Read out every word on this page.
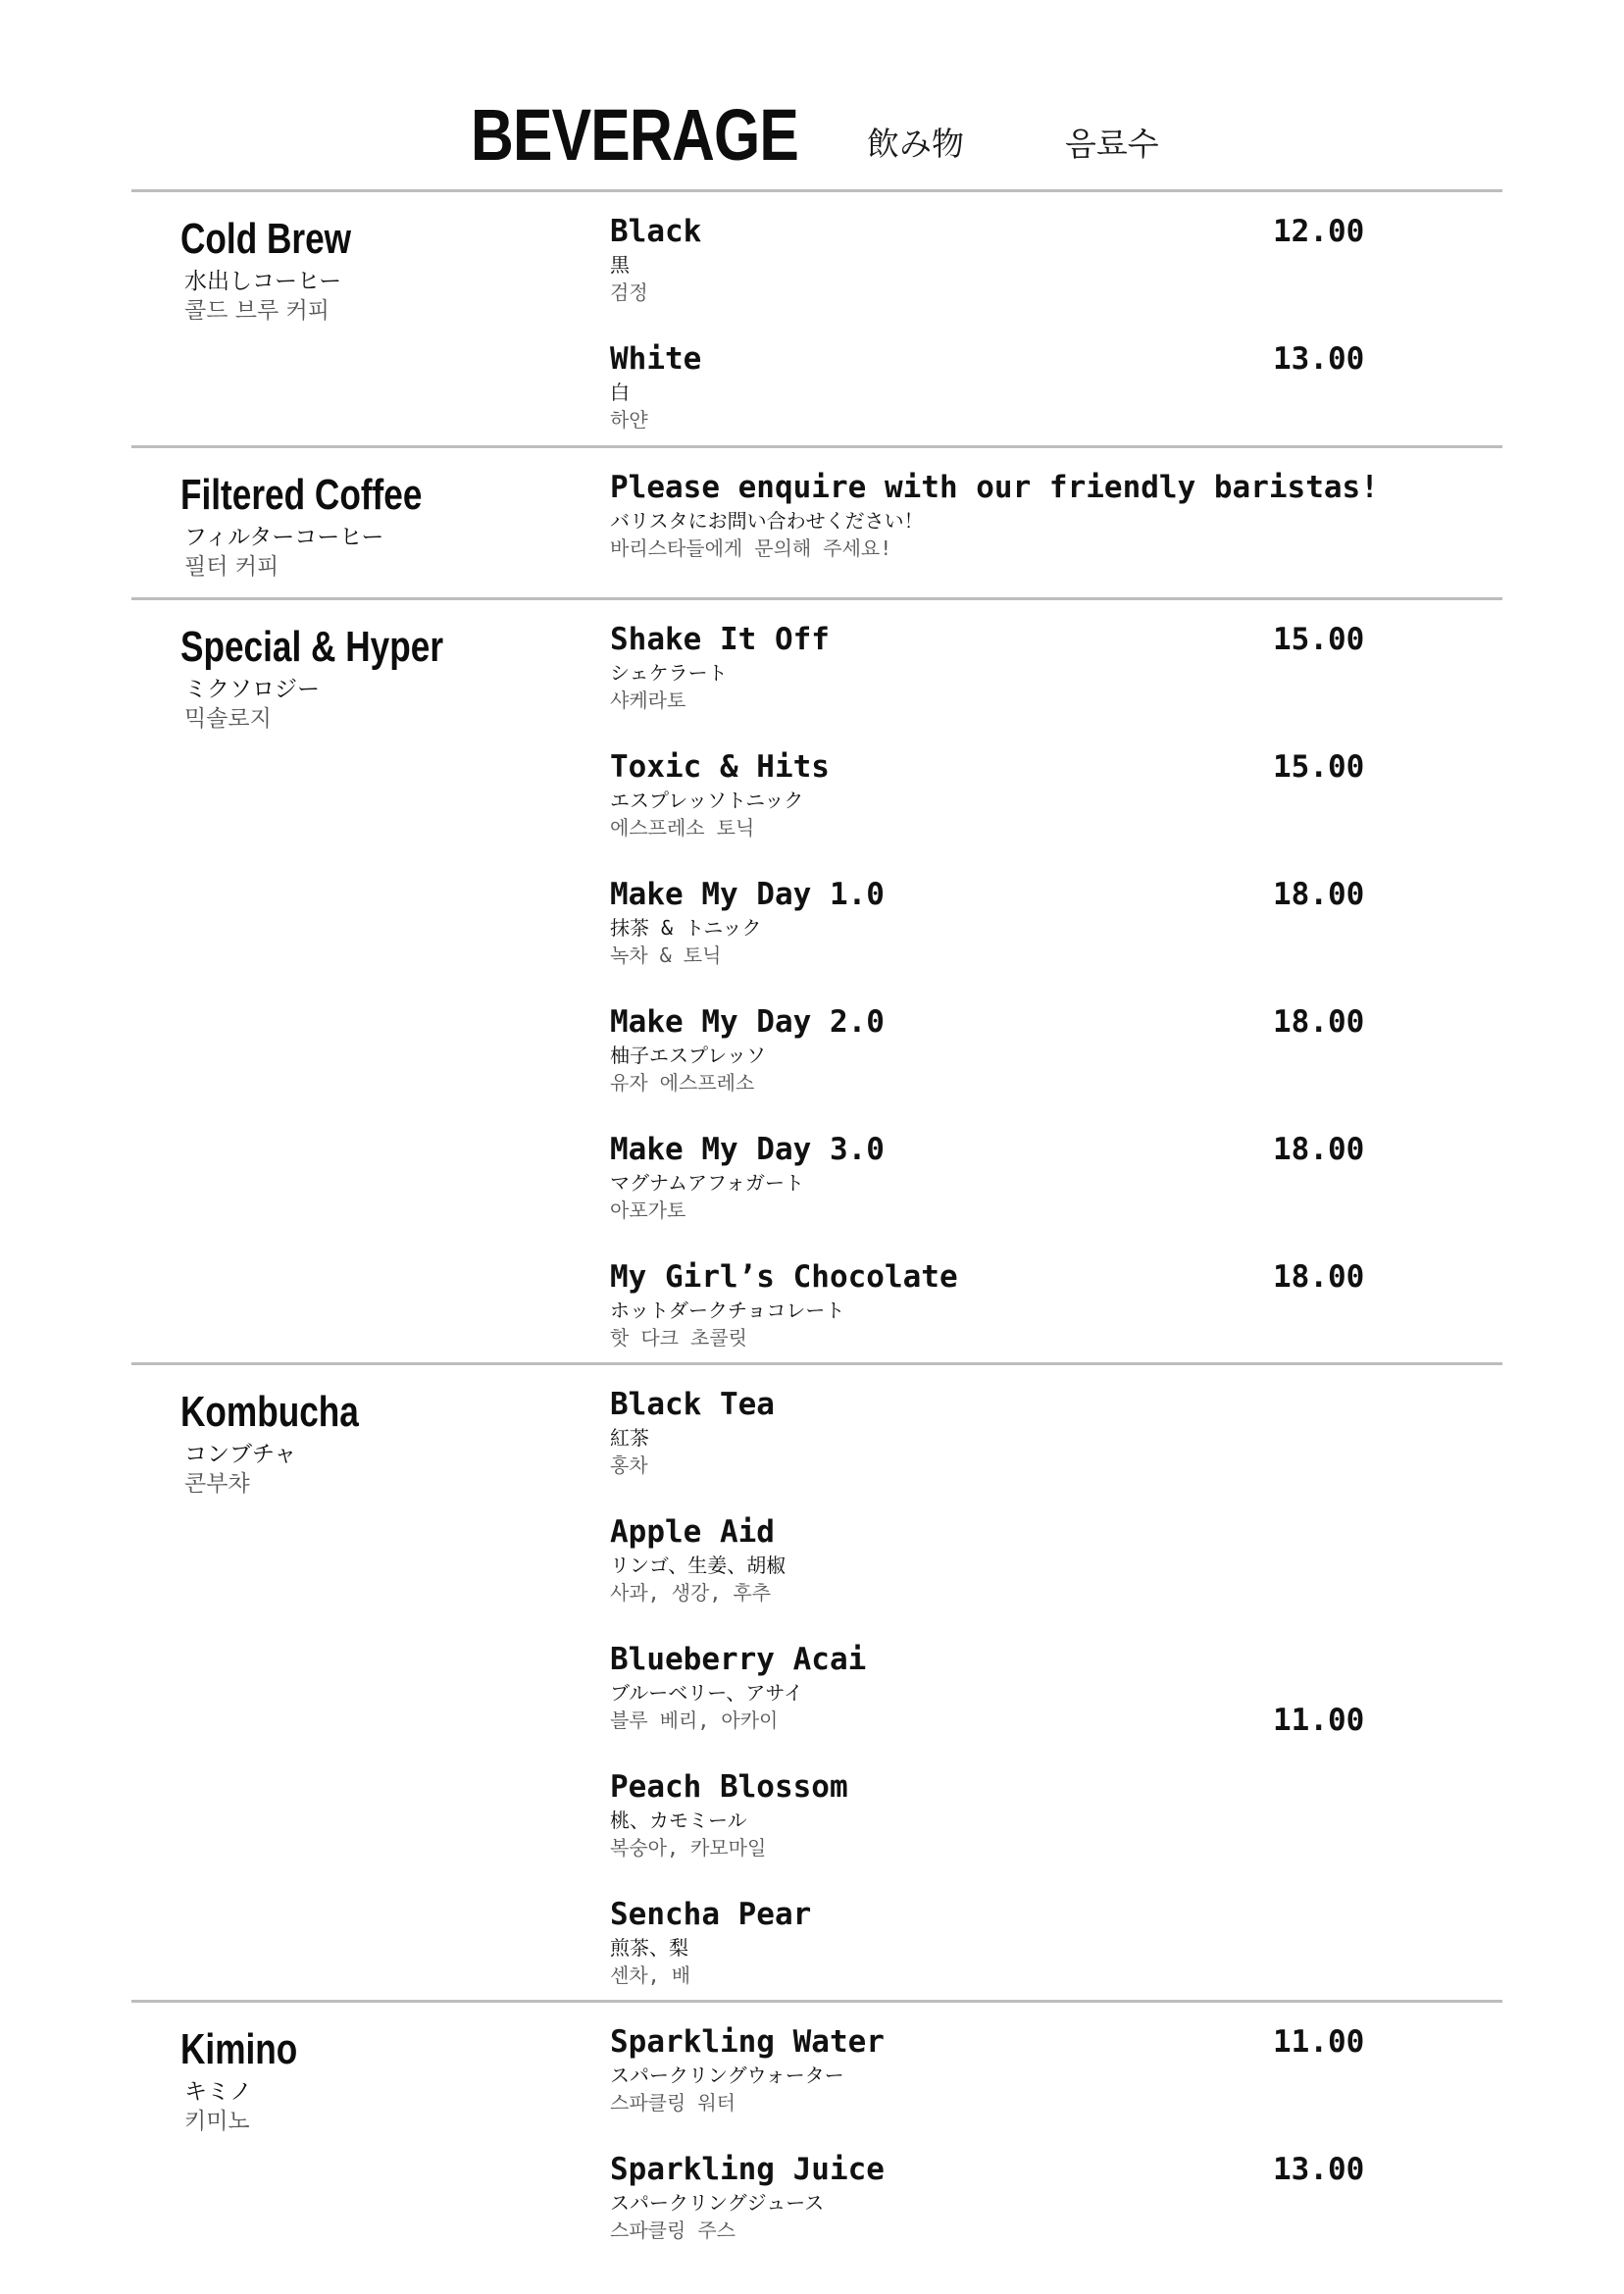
BEVERAGE 飲み物	음료수
Cold Brew
水出しコーヒー
콜드 브루 커피
Black
黒
검정
12.00
White
白
하얀
13.00
Filtered Coffee
フィルターコーヒー
필터 커피
Please enquire with our friendly baristas!
バリスタにお問い合わせください！
바리스타들에게 문의해 주세요!
Special & Hyper
ミクソロジー
믹솔로지
Shake It Off
シェケラート
샤케라토
15.00
Toxic & Hits
エスプレッソトニック
에스프레소 토닉
15.00
Make My Day 1.0
抹茶 & トニック
녹차 & 토닉
18.00
Make My Day 2.0
柚子エスプレッソ
유자 에스프레소
18.00
Make My Day 3.0
マグナムアフォガート
아포가토
18.00
My Girl’s Chocolate
ホットダークチョコレート
핫 다크 초콜릿
18.00
Kombucha
コンブチャ
콘부챠
Black Tea
紅茶
홍차
Apple Aid
リンゴ、生姜、胡椒
사과, 생강, 후추
Blueberry Acai
ブルーベリー、アサイ
블루 베리, 아카이	11.00
Peach Blossom
桃、カモミール
복숭아, 카모마일
Sencha Pear
煎茶、梨
센차, 배
Kimino
キミノ
키미노
Sparkling Water
スパークリングウォーター
스파클링 워터
11.00
Sparkling Juice
スパークリングジュース
스파클링 주스
13.00
